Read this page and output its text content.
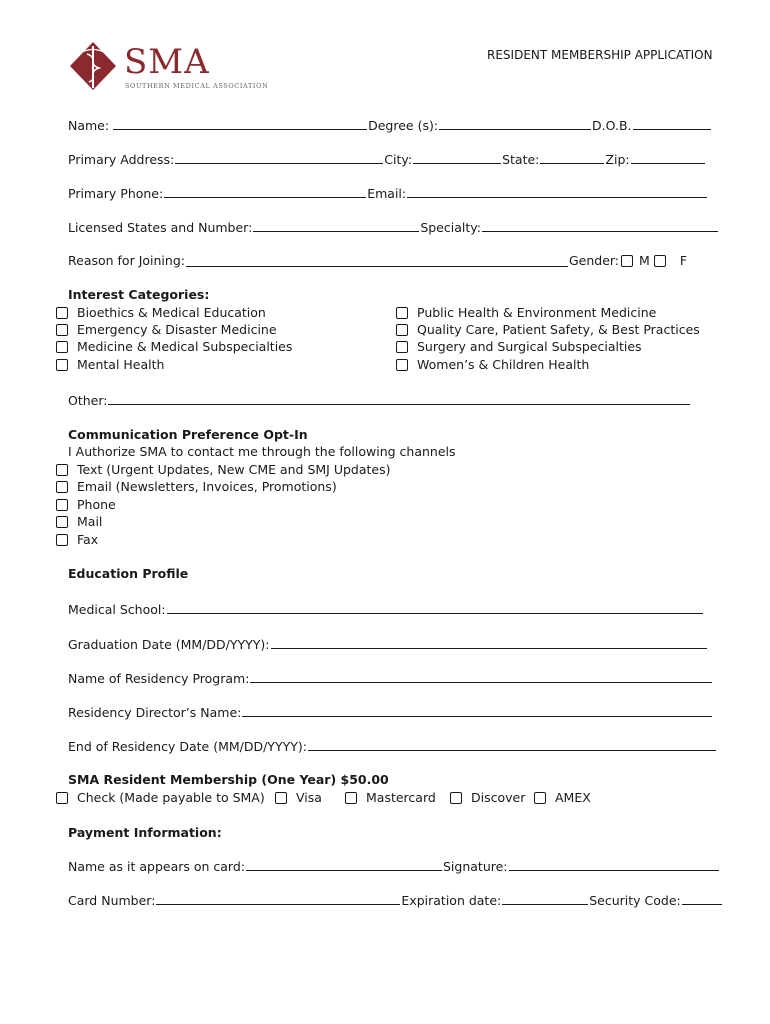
SMA
SOUTHERN MEDICAL ASSOCIATION
RESIDENT MEMBERSHIP APPLICATION
Name:	Degree (s):	D.O.B.
Primary Address:	City:	State:	Zip:
Primary Phone:	Email:
Licensed States and Number:	Specialty:
Reason for Joining:	Gender: M F
Interest Categories:
Bioethics & Medical Education
Emergency & Disaster Medicine
Medicine & Medical Subspecialties
Mental Health
Public Health & Environment Medicine
Quality Care, Patient Safety, & Best Practices
Surgery and Surgical Subspecialties
Women’s & Children Health
Other:
Communication Preference Opt-In
I Authorize SMA to contact me through the following channels
Text (Urgent Updates, New CME and SMJ Updates)
Email (Newsletters, Invoices, Promotions)
Phone
Mail
Fax
Education Profile
Medical School:
Graduation Date (MM/DD/YYYY):
Name of Residency Program:
Residency Director’s Name:
End of Residency Date (MM/DD/YYYY):
SMA Resident Membership (One Year) $50.00
Check (Made payable to SMA)	Visa	Mastercard	Discover AMEX
Payment Information:
Name as it appears on card:	Signature:
Card Number:	Expiration date:	Security Code:
